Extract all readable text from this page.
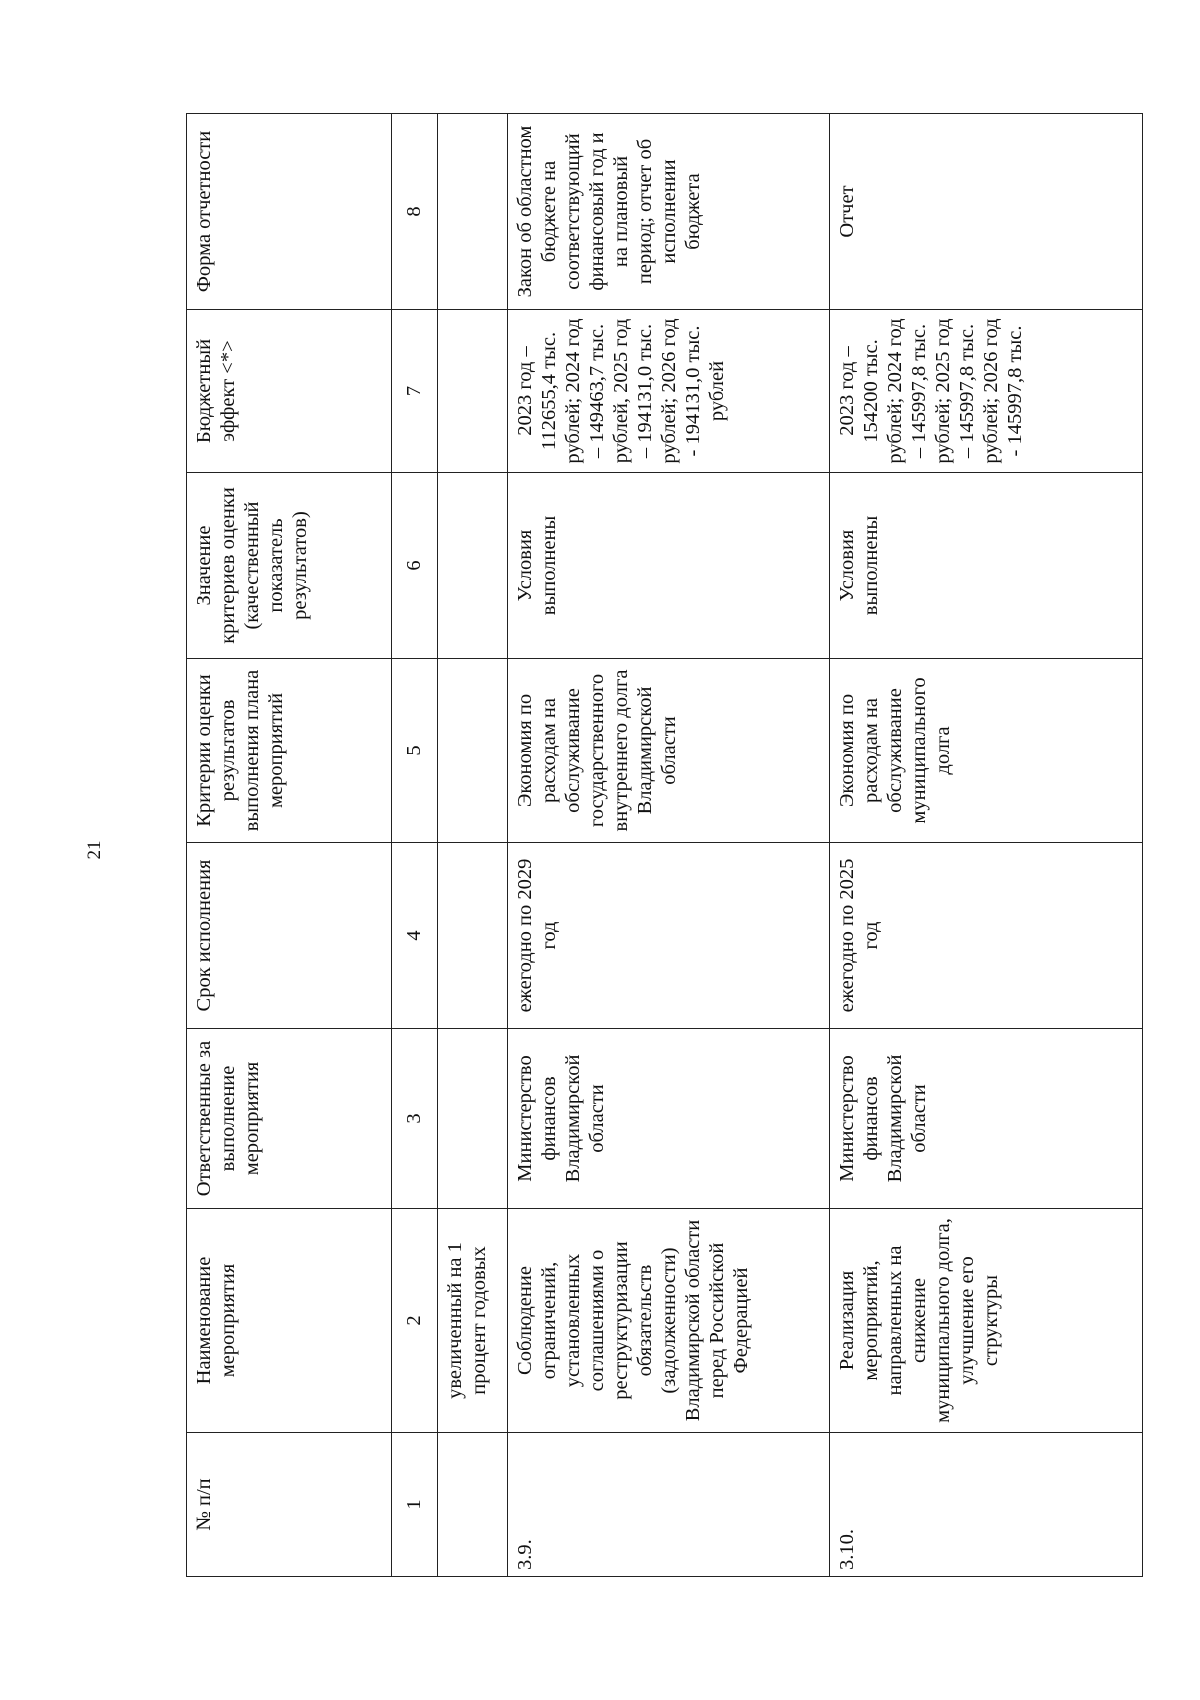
21
№ п/п	Наименование мероприятия	Ответственные за выполнение мероприятия	Срок исполнения	Критерии оценки результатов выполнения плана мероприятий	Значение критериев оценки (качественный показатель результатов)	Бюджетный эффект <*>	Форма отчетности
1	2	3	4	5	6	7	8
	увеличенный на 1 процент годовых						
3.9.	Соблюдение ограничений, установленных соглашениями о реструктуризации обязательств (задолженности) Владимирской области перед Российской Федерацией	Министерство финансов Владимирской области	ежегодно по 2029 год	Экономия по расходам на обслуживание государственного внутреннего долга Владимирской области	Условия выполнены	2023 год – 112655,4 тыс. рублей; 2024 год – 149463,7 тыс. рублей, 2025 год – 194131,0 тыс. рублей; 2026 год - 194131,0 тыс. рублей	Закон об областном бюджете на соответствующий финансовый год и на плановый период; отчет об исполнении бюджета
3.10.	Реализация мероприятий, направленных на снижение муниципального долга, улучшение его структуры	Министерство финансов Владимирской области	ежегодно по 2025 год	Экономия по расходам на обслуживание муниципального долга	Условия выполнены	2023 год – 154200 тыс. рублей; 2024 год – 145997,8 тыс. рублей; 2025 год – 145997,8 тыс. рублей; 2026 год - 145997,8 тыс.	Отчет
